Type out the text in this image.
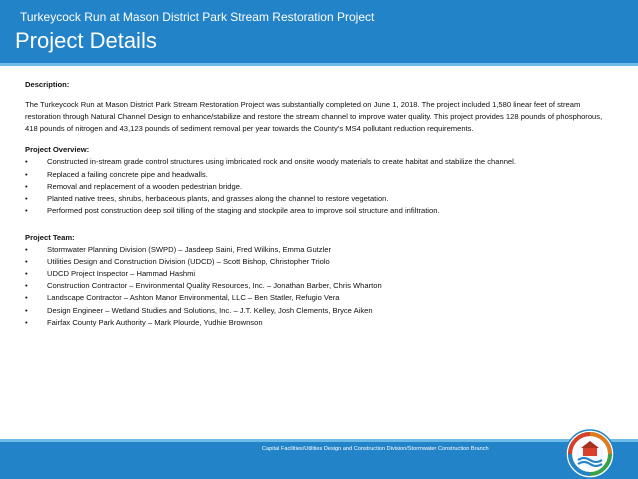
Turkeycock Run at Mason District Park Stream Restoration Project
Project Details

Description:

The Turkeycock Run at Mason District Park Stream Restoration Project was substantially completed on June 1, 2018. The project included 1,580 linear feet of stream restoration through Natural Channel Design to enhance/stabilize and restore the stream channel to improve water quality. This project provides 128 pounds of phosphorous, 418 pounds of nitrogen and 43,123 pounds of sediment removal per year towards the County’s MS4 pollutant reduction requirements.

Project Overview:

• Constructed in-stream grade control structures using imbricated rock and onsite woody materials to create habitat and stabilize the channel.
• Replaced a failing concrete pipe and headwalls.
• Removal and replacement of a wooden pedestrian bridge.
• Planted native trees, shrubs, herbaceous plants, and grasses along the channel to restore vegetation.
• Performed post construction deep soil tilling of the staging and stockpile area to improve soil structure and infiltration.

Project Team:

• Stormwater Planning Division (SWPD) – Jasdeep Saini, Fred Wilkins, Emma Gutzler
• Utilities Design and Construction Division (UDCD) – Scott Bishop, Christopher Triolo
• UDCD Project Inspector – Hammad Hashmi
• Construction Contractor – Environmental Quality Resources, Inc. – Jonathan Barber, Chris Wharton
• Landscape Contractor – Ashton Manor Environmental, LLC – Ben Statler, Refugio Vera
• Design Engineer – Wetland Studies and Solutions, Inc. – J.T. Kelley, Josh Clements, Bryce Aiken
• Fairfax County Park Authority – Mark Plourde, Yudhie Brownson
Capital Facilities/Utilities Design and Construction Division/Stormwater Construction Branch
